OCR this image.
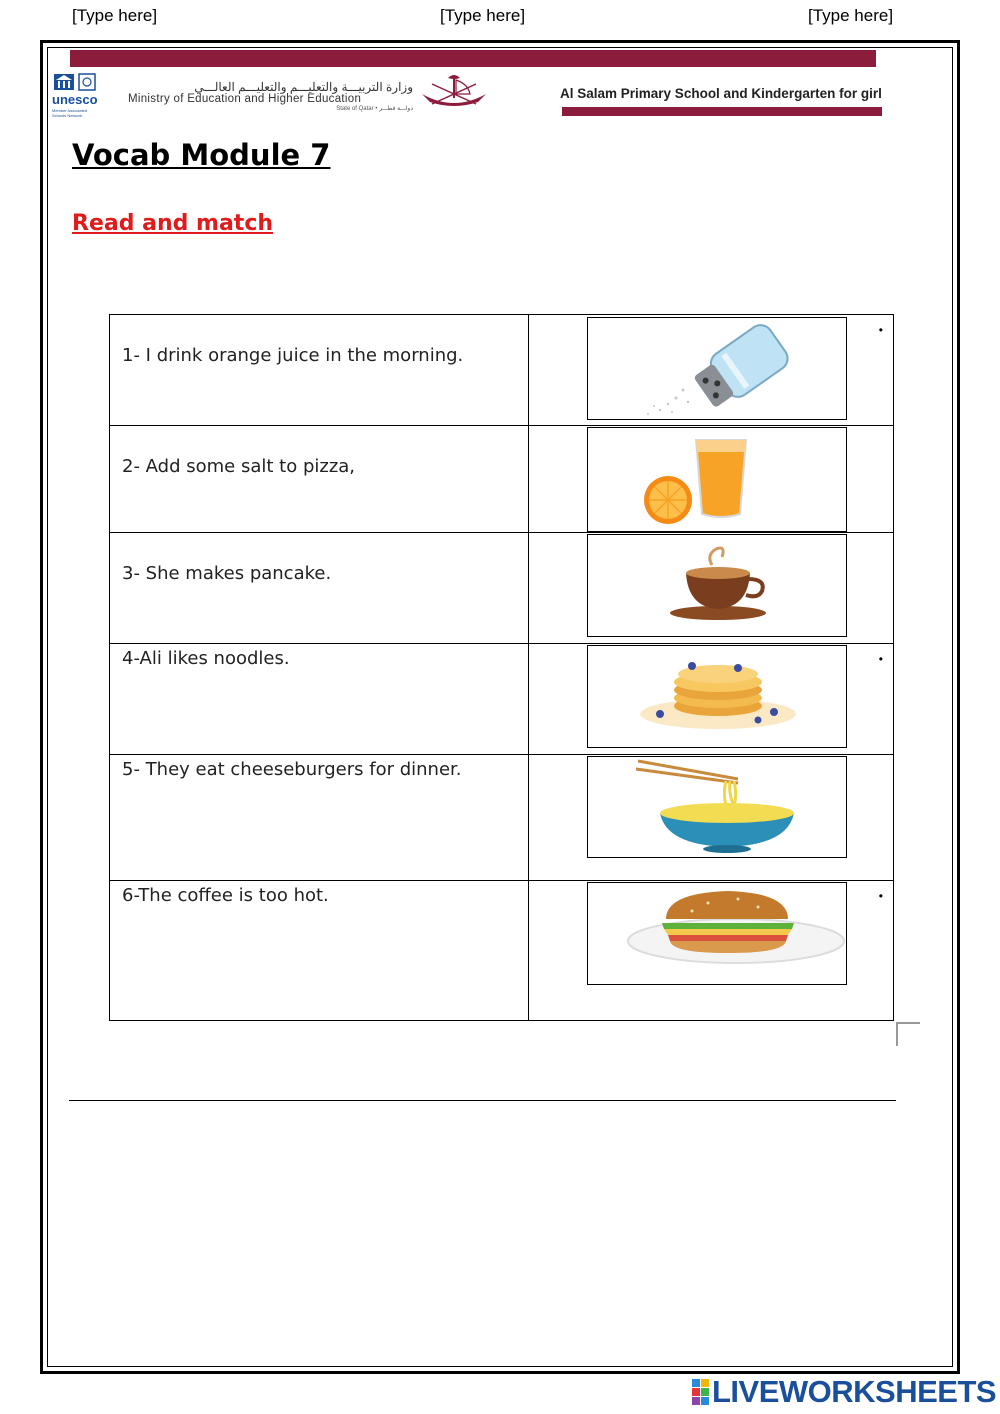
[Type here]	[Type here]	[Type here]
unesco
Member Associated Schools Network
وزارة التربيـــة والتعليـــم والتعليـــم العالـــي
Ministry of Education and Higher Education
State of Qatar • دولـــة قطـــر
Al Salam Primary School and Kindergarten for girl
Vocab Module 7
Read and match
1- I drink orange juice in the morning.	•

2- Add some salt to pizza,

3- She makes pancake.

4-Ali likes noodles.	•

5- They eat cheeseburgers for dinner.

6-The coffee is too hot.	•
LIVEWORKSHEETS
